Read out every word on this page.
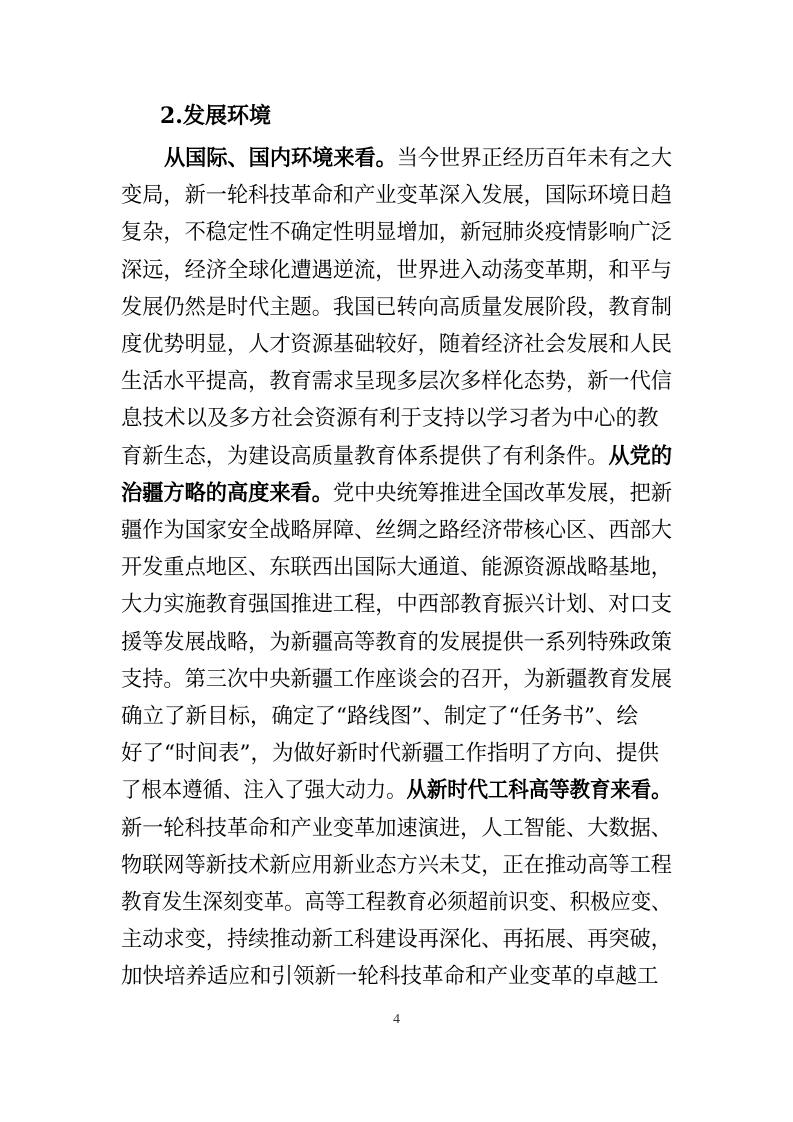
2.发展环境
从国际、国内环境来看。当今世界正经历百年未有之大
变局，新一轮科技革命和产业变革深入发展，国际环境日趋
复杂，不稳定性不确定性明显增加，新冠肺炎疫情影响广泛
深远，经济全球化遭遇逆流，世界进入动荡变革期，和平与
发展仍然是时代主题。我国已转向高质量发展阶段，教育制
度优势明显，人才资源基础较好，随着经济社会发展和人民
生活水平提高，教育需求呈现多层次多样化态势，新一代信
息技术以及多方社会资源有利于支持以学习者为中心的教
育新生态，为建设高质量教育体系提供了有利条件。从党的
治疆方略的高度来看。党中央统筹推进全国改革发展，把新
疆作为国家安全战略屏障、丝绸之路经济带核心区、西部大
开发重点地区、东联西出国际大通道、能源资源战略基地，
大力实施教育强国推进工程，中西部教育振兴计划、对口支
援等发展战略，为新疆高等教育的发展提供一系列特殊政策
支持。第三次中央新疆工作座谈会的召开，为新疆教育发展
确立了新目标，确定了“路线图”、制定了“任务书”、绘
好了“时间表”，为做好新时代新疆工作指明了方向、提供
了根本遵循、注入了强大动力。从新时代工科高等教育来看。
新一轮科技革命和产业变革加速演进，人工智能、大数据、
物联网等新技术新应用新业态方兴未艾，正在推动高等工程
教育发生深刻变革。高等工程教育必须超前识变、积极应变、
主动求变，持续推动新工科建设再深化、再拓展、再突破，
加快培养适应和引领新一轮科技革命和产业变革的卓越工
4
